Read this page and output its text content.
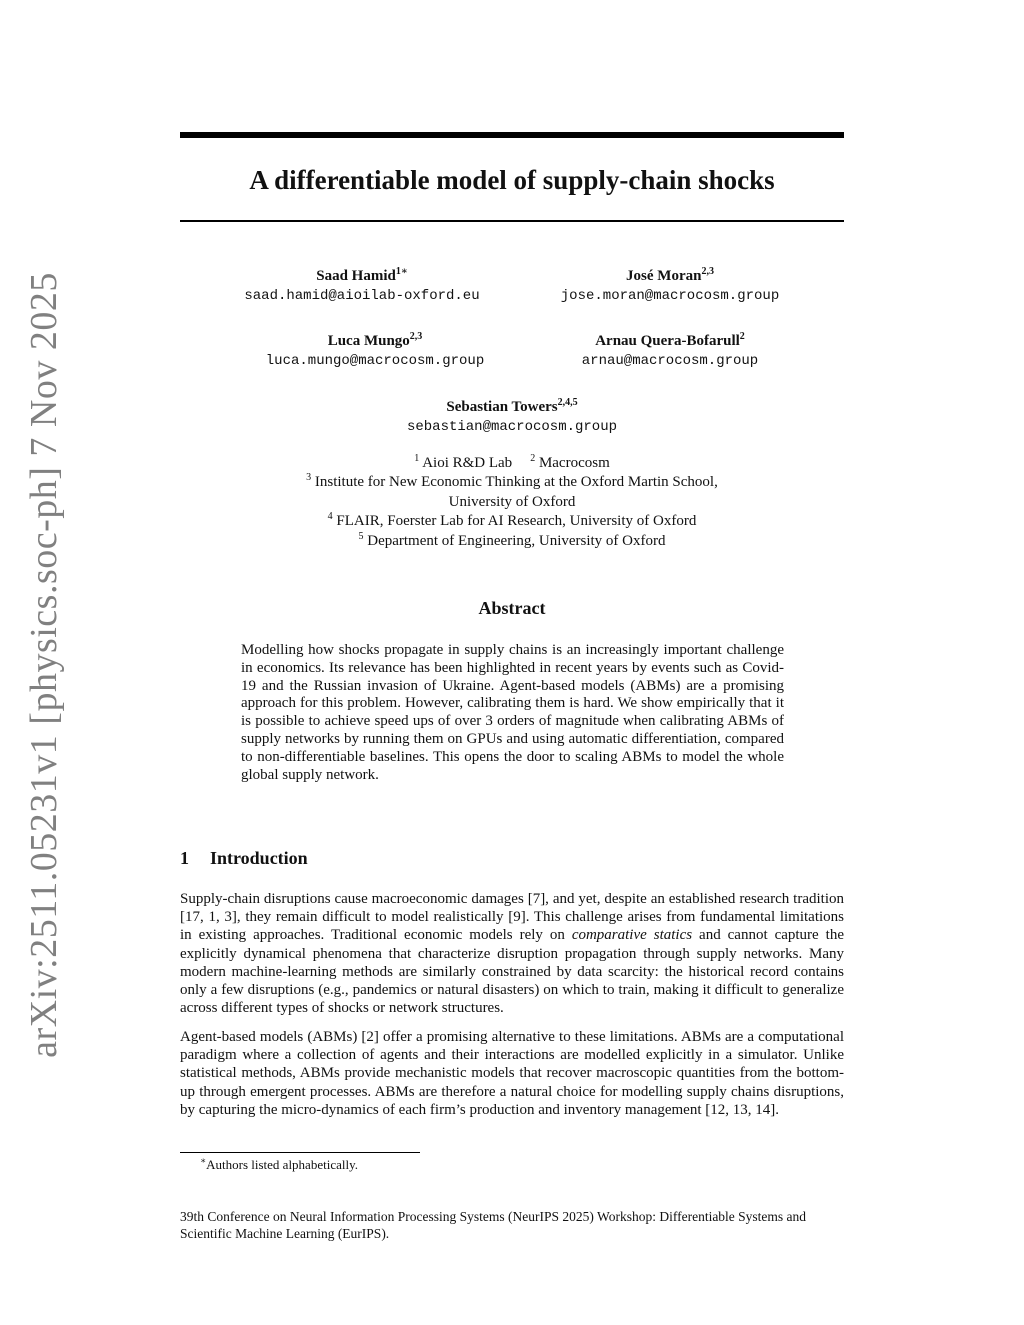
arXiv:2511.05231v1 [physics.soc-ph] 7 Nov 2025
A differentiable model of supply-chain shocks
Saad Hamid$^{1∗}$
saad.hamid@aioilab-oxford.eu
José Moran$^{2,3}$
jose.moran@macrocosm.group
Luca Mungo$^{2,3}$
luca.mungo@macrocosm.group
Arnau Quera-Bofarull$^2$
arnau@macrocosm.group
Sebastian Towers$^{2,4,5}$
sebastian@macrocosm.group
$^1$ Aioi R&D Lab $^2$ Macrocosm
$^3$ Institute for New Economic Thinking at the Oxford Martin School,
University of Oxford
$^4$ FLAIR, Foerster Lab for AI Research, University of Oxford
$^5$ Department of Engineering, University of Oxford
Abstract
Modelling how shocks propagate in supply chains is an increasingly important challenge in economics. Its relevance has been highlighted in recent years by events such as Covid-19 and the Russian invasion of Ukraine. Agent-based models (ABMs) are a promising approach for this problem. However, calibrating them is hard. We show empirically that it is possible to achieve speed ups of over 3 orders of magnitude when calibrating ABMs of supply networks by running them on GPUs and using automatic differentiation, compared to non-differentiable baselines. This opens the door to scaling ABMs to model the whole global supply network.
1 Introduction

Supply-chain disruptions cause macroeconomic damages [7], and yet, despite an established research tradition [17, 1, 3], they remain difficult to model realistically [9]. This challenge arises from fundamental limitations in existing approaches. Traditional economic models rely on comparative statics and cannot capture the explicitly dynamical phenomena that characterize disruption propagation through supply networks. Many modern machine-learning methods are similarly constrained by data scarcity: the historical record contains only a few disruptions (e.g., pandemics or natural disasters) on which to train, making it difficult to generalize across different types of shocks or network structures.

Agent-based models (ABMs) [2] offer a promising alternative to these limitations. ABMs are a computational paradigm where a collection of agents and their interactions are modelled explicitly in a simulator. Unlike statistical methods, ABMs provide mechanistic models that recover macroscopic quantities from the bottom-up through emergent processes. ABMs are therefore a natural choice for modelling supply chains disruptions, by capturing the micro-dynamics of each firm’s production and inventory management [12, 13, 14].

∗Authors listed alphabetically.
39th Conference on Neural Information Processing Systems (NeurIPS 2025) Workshop: Differentiable Systems and Scientific Machine Learning (EurIPS).
